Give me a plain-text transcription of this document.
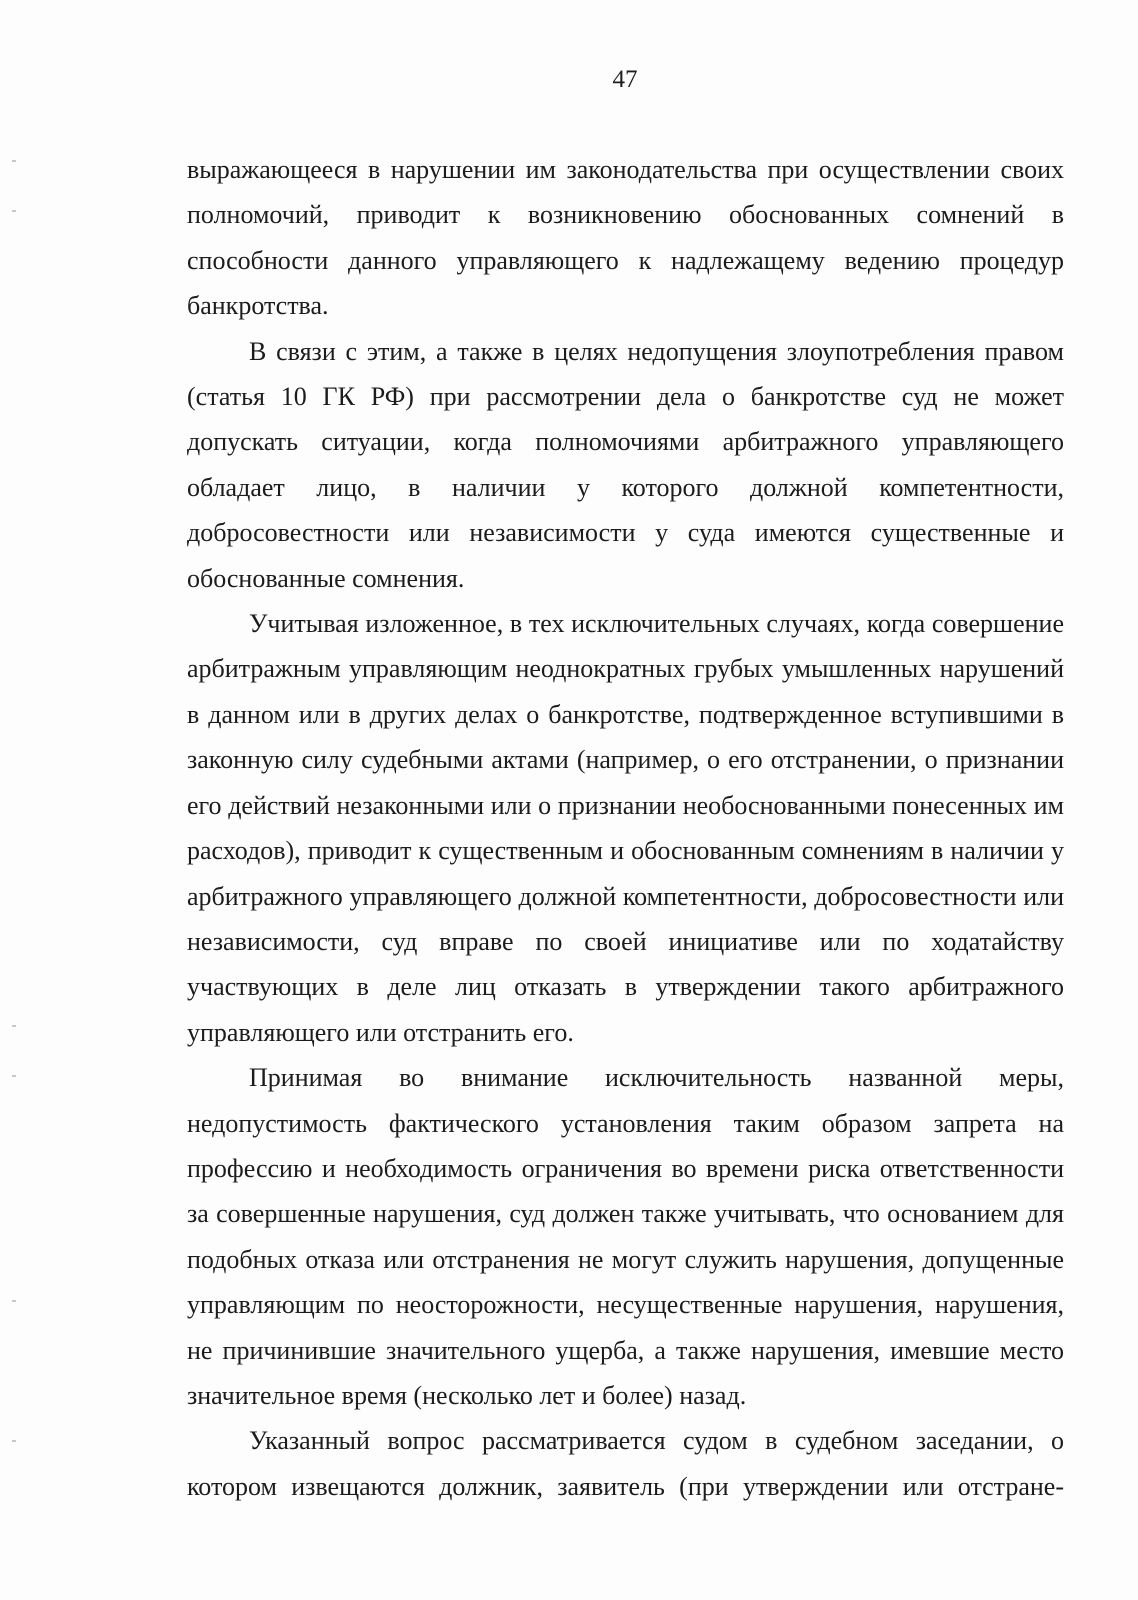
47

выражающееся в нарушении им законодательства при осуществлении своих полномочий, приводит к возникновению обоснованных сомнений в способности данного управляющего к надлежащему ведению процедур банкротства.

В связи с этим, а также в целях недопущения злоупотребления правом (статья 10 ГК РФ) при рассмотрении дела о банкротстве суд не может допускать ситуации, когда полномочиями арбитражного управляющего обладает лицо, в наличии у которого должной компетентности, добросовестности или независимости у суда имеются существенные и обоснованные сомнения.

Учитывая изложенное, в тех исключительных случаях, когда совершение арбитражным управляющим неоднократных грубых умышленных нарушений в данном или в других делах о банкротстве, подтвержденное вступившими в законную силу судебными актами (например, о его отстранении, о признании его действий незаконными или о признании необоснованными понесенных им расходов), приводит к существенным и обоснованным сомнениям в наличии у арбитражного управляющего должной компетентности, добросовестности или независимости, суд вправе по своей инициативе или по ходатайству участвующих в деле лиц отказать в утверждении такого арбитражного управляющего или отстранить его.

Принимая во внимание исключительность названной меры, недопустимость фактического установления таким образом запрета на профессию и необходимость ограничения во времени риска ответственности за совершенные нарушения, суд должен также учитывать, что основанием для подобных отказа или отстранения не могут служить нарушения, допущенные управляющим по неосторожности, несущественные нарушения, нарушения, не причинившие значительного ущерба, а также нарушения, имевшие место значительное время (несколько лет и более) назад.

Указанный вопрос рассматривается судом в судебном заседании, о котором извещаются должник, заявитель (при утверждении или отстране-
